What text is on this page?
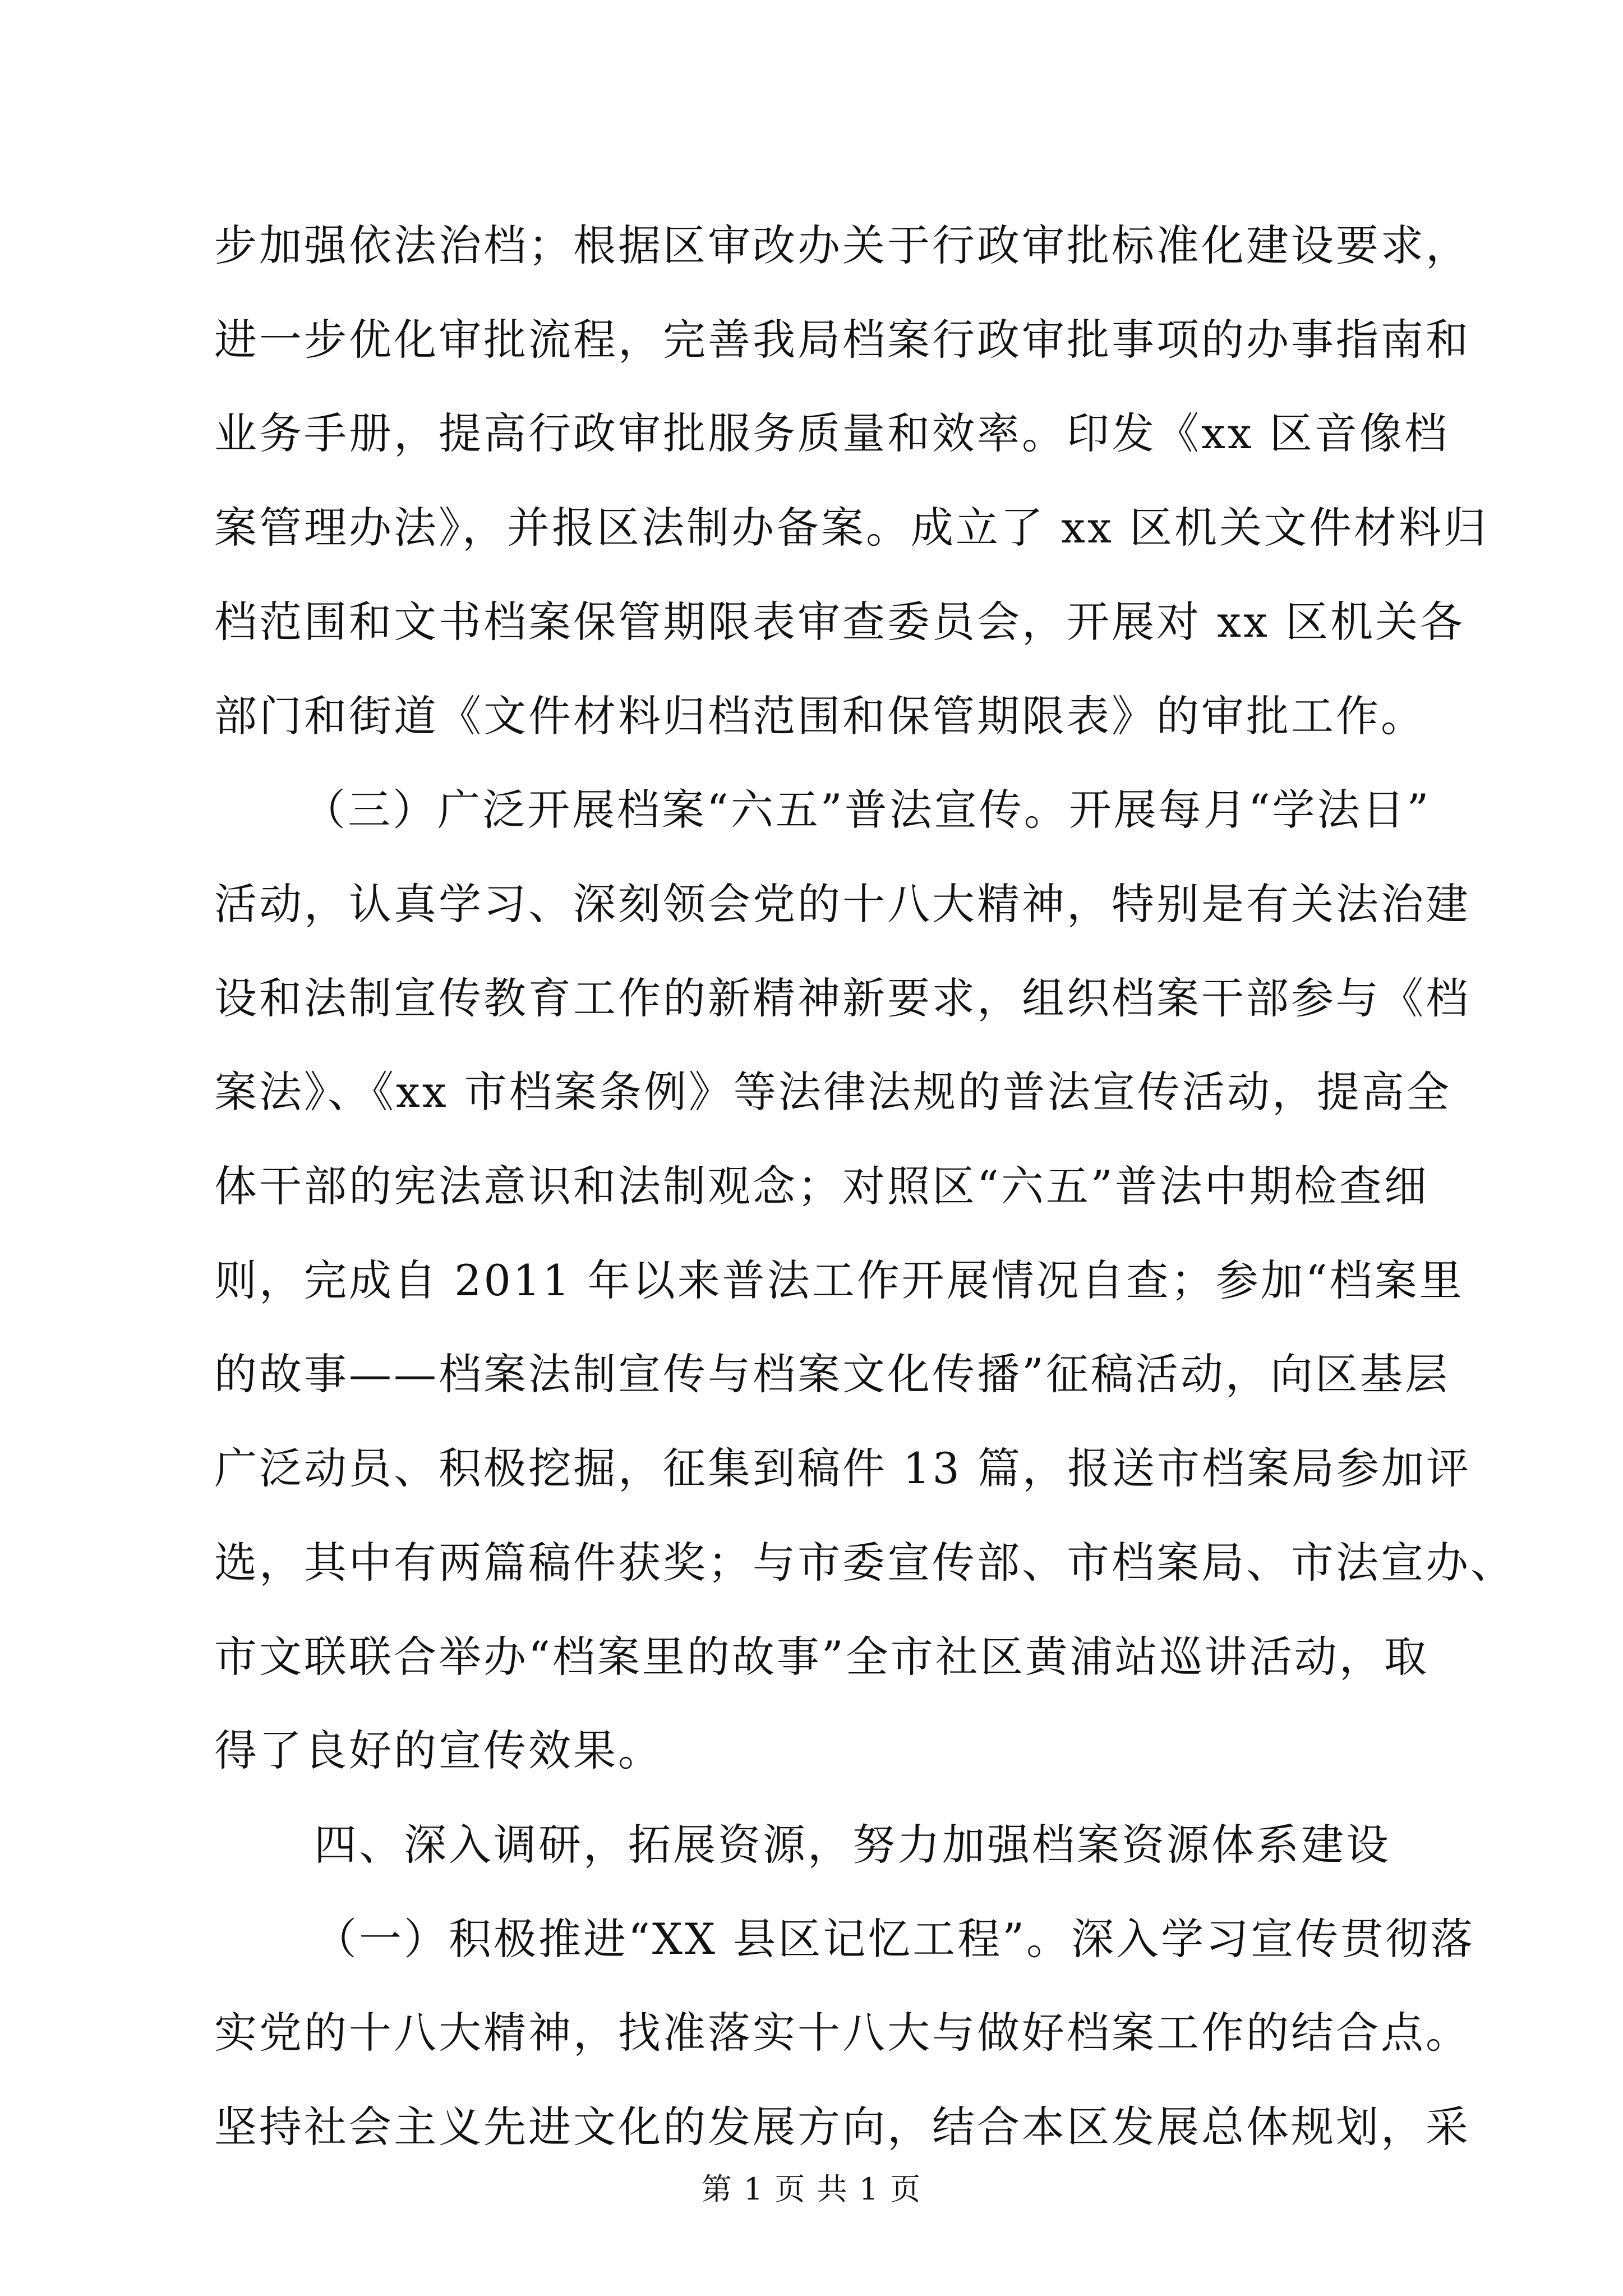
步加强依法治档；根据区审改办关于行政审批标准化建设要求，

进一步优化审批流程，完善我局档案行政审批事项的办事指南和

业务手册，提高行政审批服务质量和效率。印发《xx 区音像档

案管理办法》，并报区法制办备案。成立了 xx 区机关文件材料归

档范围和文书档案保管期限表审查委员会，开展对 xx 区机关各

部门和街道《文件材料归档范围和保管期限表》的审批工作。

（三）广泛开展档案“六五”普法宣传。开展每月“学法日”

活动，认真学习、深刻领会党的十八大精神，特别是有关法治建

设和法制宣传教育工作的新精神新要求，组织档案干部参与《档

案法》、《xx 市档案条例》等法律法规的普法宣传活动，提高全

体干部的宪法意识和法制观念；对照区“六五”普法中期检查细

则，完成自 2011 年以来普法工作开展情况自查；参加“档案里

的故事——档案法制宣传与档案文化传播”征稿活动，向区基层

广泛动员、积极挖掘，征集到稿件 13 篇，报送市档案局参加评

选，其中有两篇稿件获奖；与市委宣传部、市档案局、市法宣办、

市文联联合举办“档案里的故事”全市社区黄浦站巡讲活动，取

得了良好的宣传效果。

四、深入调研，拓展资源，努力加强档案资源体系建设

（一）积极推进“XX 县区记忆工程”。深入学习宣传贯彻落

实党的十八大精神，找准落实十八大与做好档案工作的结合点。

坚持社会主义先进文化的发展方向，结合本区发展总体规划，采

第 1 页 共 1 页
